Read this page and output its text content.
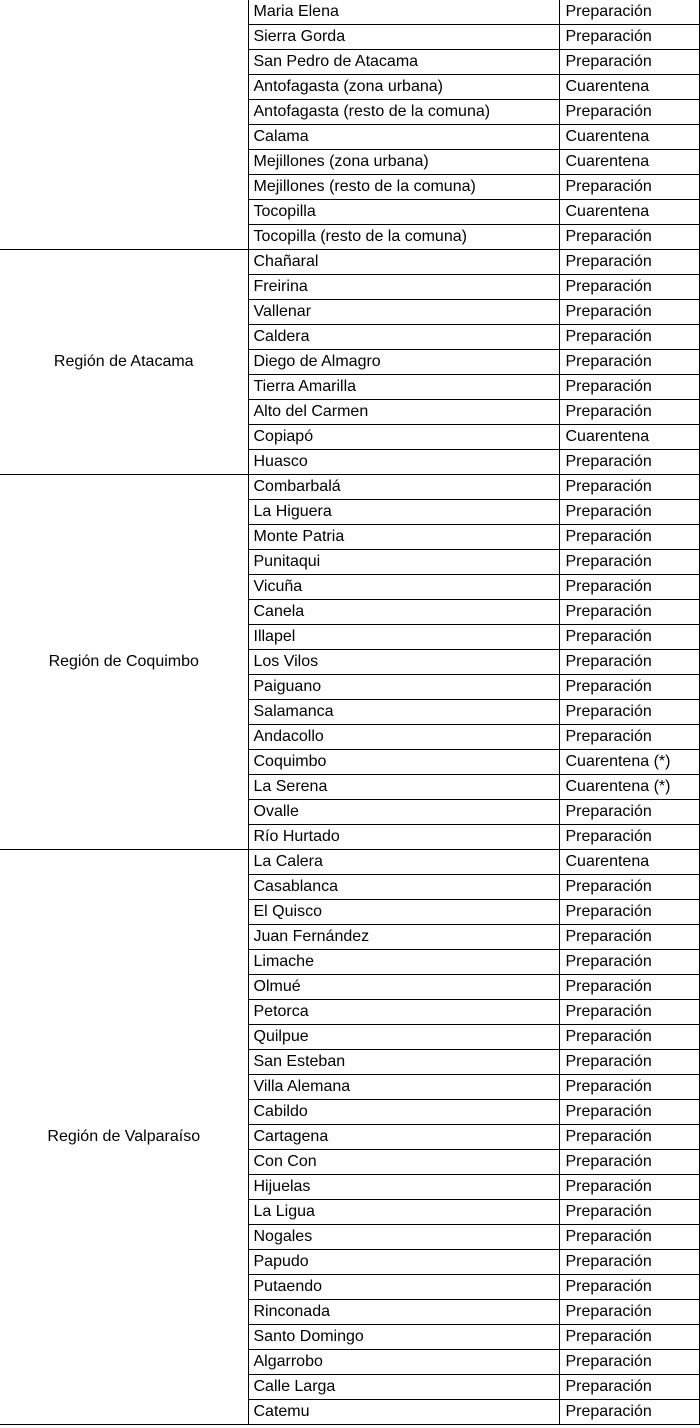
	Maria Elena	Preparación
	Sierra Gorda	Preparación
	San Pedro de Atacama	Preparación
	Antofagasta (zona urbana)	Cuarentena
	Antofagasta (resto de la comuna)	Preparación
	Calama	Cuarentena
	Mejillones (zona urbana)	Cuarentena
	Mejillones (resto de la comuna)	Preparación
	Tocopilla	Cuarentena
	Tocopilla (resto de la comuna)	Preparación
Región de Atacama	Chañaral	Preparación
	Freirina	Preparación
	Vallenar	Preparación
	Caldera	Preparación
	Diego de Almagro	Preparación
	Tierra Amarilla	Preparación
	Alto del Carmen	Preparación
	Copiapó	Cuarentena
	Huasco	Preparación
Región de Coquimbo	Combarbalá	Preparación
	La Higuera	Preparación
	Monte Patria	Preparación
	Punitaqui	Preparación
	Vicuña	Preparación
	Canela	Preparación
	Illapel	Preparación
	Los Vilos	Preparación
	Paiguano	Preparación
	Salamanca	Preparación
	Andacollo	Preparación
	Coquimbo	Cuarentena (*)
	La Serena	Cuarentena (*)
	Ovalle	Preparación
	Río Hurtado	Preparación
Región de Valparaíso	La Calera	Cuarentena
	Casablanca	Preparación
	El Quisco	Preparación
	Juan Fernández	Preparación
	Limache	Preparación
	Olmué	Preparación
	Petorca	Preparación
	Quilpue	Preparación
	San Esteban	Preparación
	Villa Alemana	Preparación
	Cabildo	Preparación
	Cartagena	Preparación
	Con Con	Preparación
	Hijuelas	Preparación
	La Ligua	Preparación
	Nogales	Preparación
	Papudo	Preparación
	Putaendo	Preparación
	Rinconada	Preparación
	Santo Domingo	Preparación
	Algarrobo	Preparación
	Calle Larga	Preparación
	Catemu	Preparación
